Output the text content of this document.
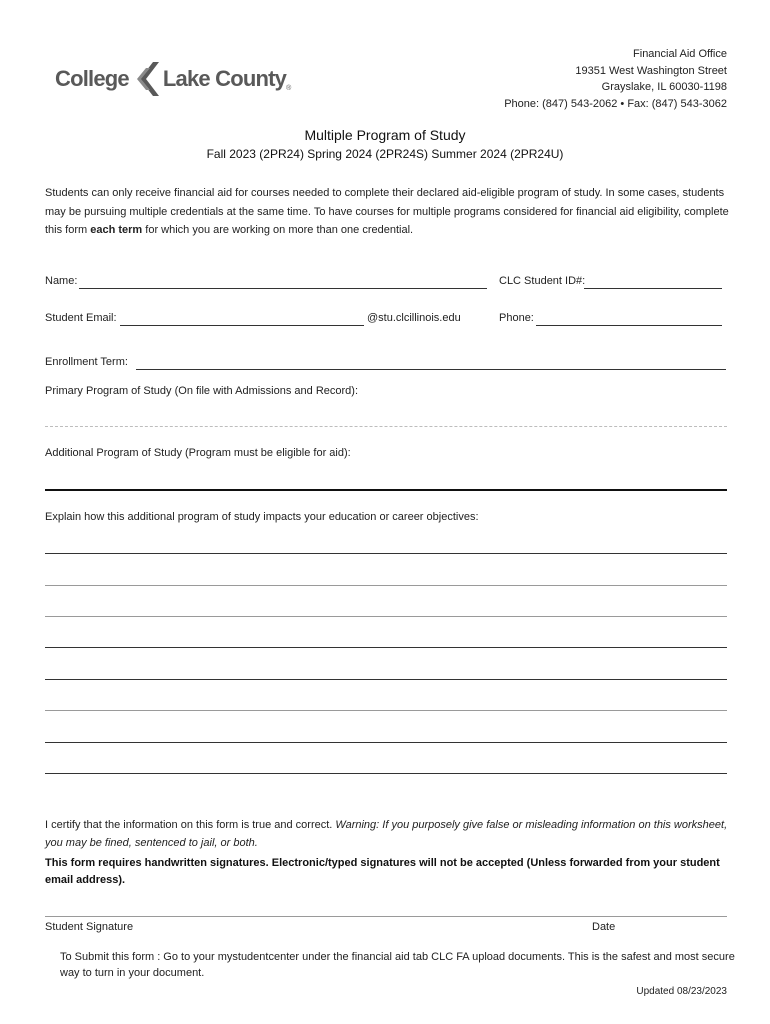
College Lake County ®
Financial Aid Office
19351 West Washington Street
Grayslake, IL 60030-1198
Phone: (847) 543-2062 • Fax: (847) 543-3062
Multiple Program of Study
Fall 2023 (2PR24) Spring 2024 (2PR24S) Summer 2024 (2PR24U)
Students can only receive financial aid for courses needed to complete their declared aid-eligible program of study. In some cases, students may be pursuing multiple credentials at the same time. To have courses for multiple programs considered for financial aid eligibility, complete this form each term for which you are working on more than one credential.
Name:	CLC Student ID#:
Student Email:	@stu.clcillinois.edu	Phone:
Enrollment Term:
Primary Program of Study (On file with Admissions and Record):
Additional Program of Study (Program must be eligible for aid):
Explain how this additional program of study impacts your education or career objectives:
I certify that the information on this form is true and correct. Warning: If you purposely give false or misleading information on this worksheet, you may be fined, sentenced to jail, or both.
This form requires handwritten signatures. Electronic/typed signatures will not be accepted (Unless forwarded from your student email address).
Student Signature	Date
To Submit this form : Go to your mystudentcenter under the financial aid tab CLC FA upload documents. This is the safest and most secure way to turn in your document.
Updated 08/23/2023
